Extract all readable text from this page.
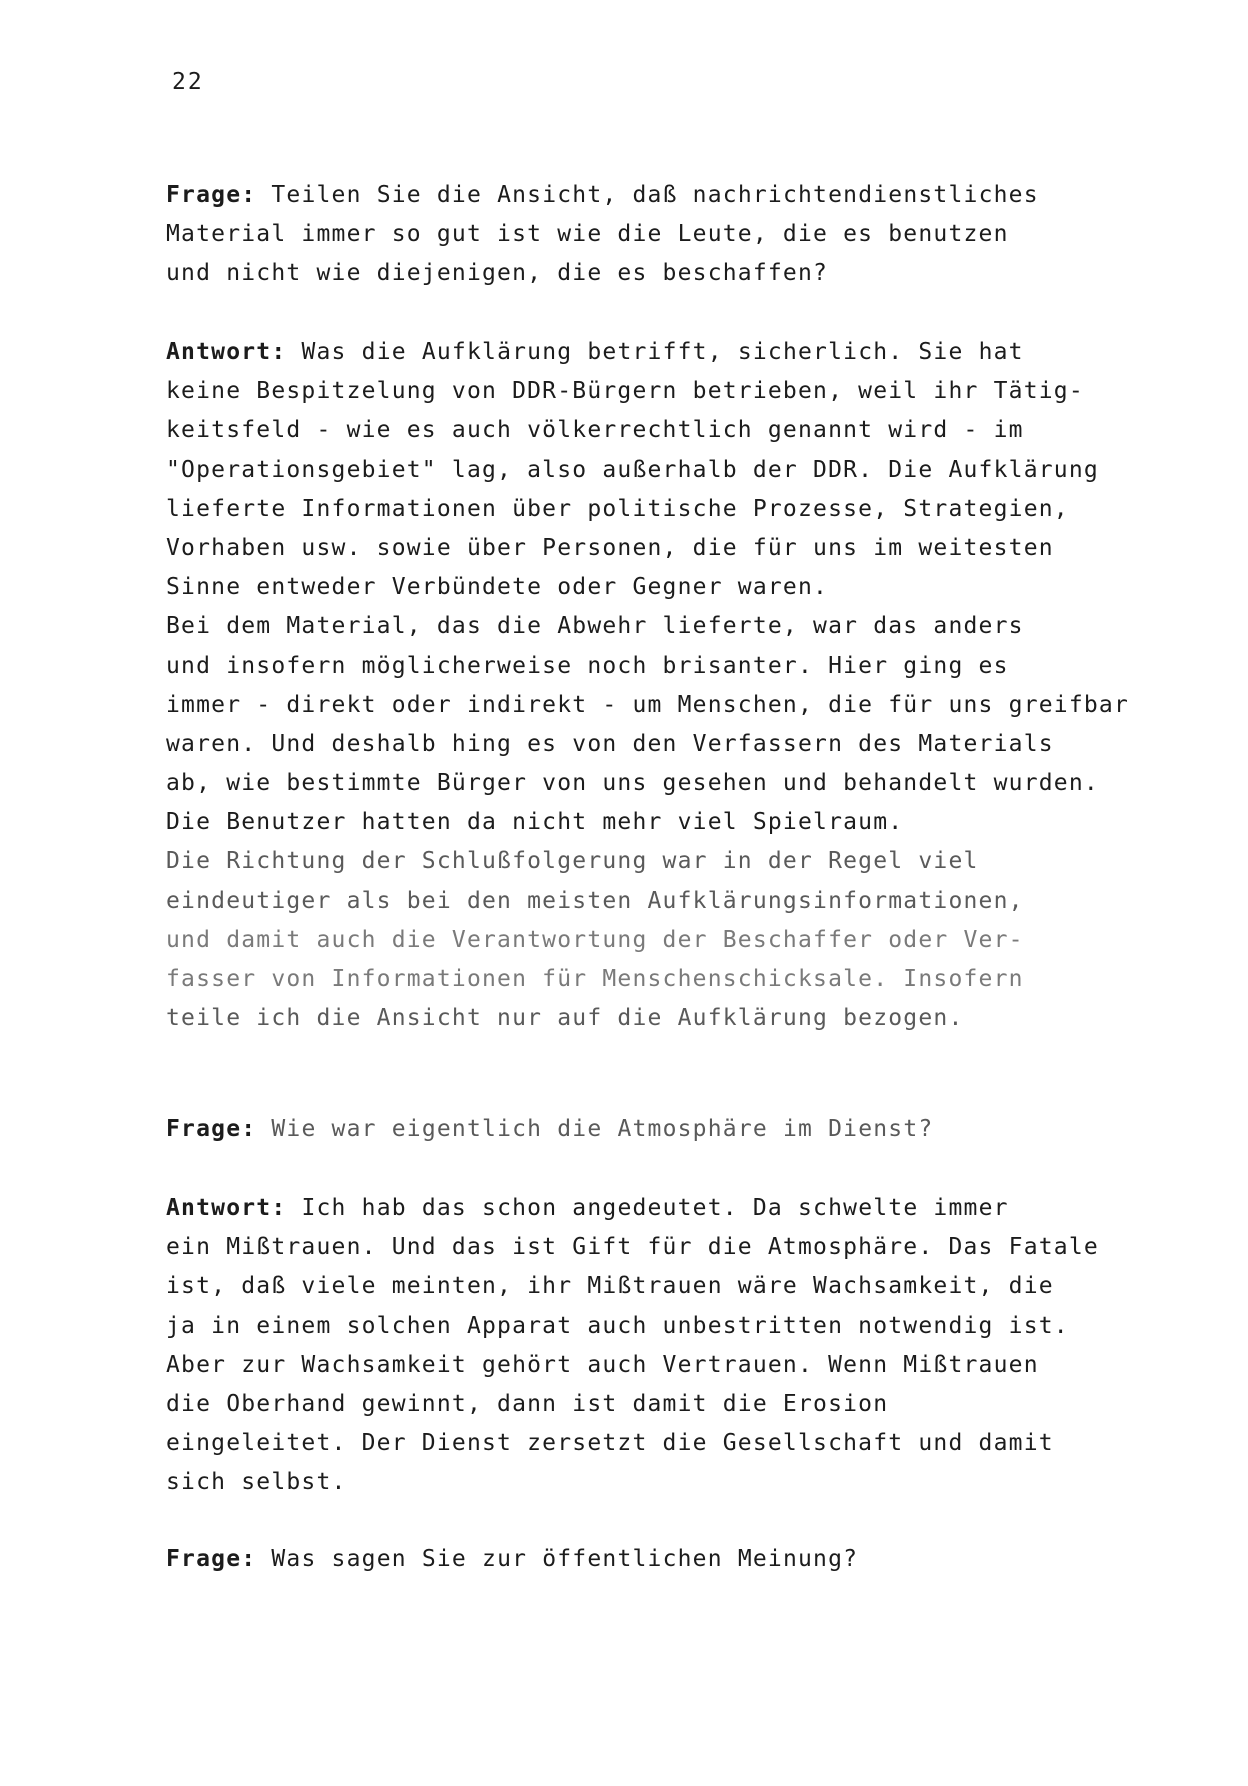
22
Frage: Teilen Sie die Ansicht, daß nachrichtendienstliches
Material immer so gut ist wie die Leute, die es benutzen
und nicht wie diejenigen, die es beschaffen?
Antwort: Was die Aufklärung betrifft, sicherlich. Sie hat
keine Bespitzelung von DDR-Bürgern betrieben, weil ihr Tätig-
keitsfeld - wie es auch völkerrechtlich genannt wird - im
"Operationsgebiet" lag, also außerhalb der DDR. Die Aufklärung
lieferte Informationen über politische Prozesse, Strategien,
Vorhaben usw. sowie über Personen, die für uns im weitesten
Sinne entweder Verbündete oder Gegner waren.
Bei dem Material, das die Abwehr lieferte, war das anders
und insofern möglicherweise noch brisanter. Hier ging es
immer - direkt oder indirekt - um Menschen, die für uns greifbar
waren. Und deshalb hing es von den Verfassern des Materials
ab, wie bestimmte Bürger von uns gesehen und behandelt wurden.
Die Benutzer hatten da nicht mehr viel Spielraum.
Die Richtung der Schlußfolgerung war in der Regel viel
eindeutiger als bei den meisten Aufklärungsinformationen,
und damit auch die Verantwortung der Beschaffer oder Ver-
fasser von Informationen für Menschenschicksale. Insofern
teile ich die Ansicht nur auf die Aufklärung bezogen.
Frage: Wie war eigentlich die Atmosphäre im Dienst?
Antwort: Ich hab das schon angedeutet. Da schwelte immer
ein Mißtrauen. Und das ist Gift für die Atmosphäre. Das Fatale
ist, daß viele meinten, ihr Mißtrauen wäre Wachsamkeit, die
ja in einem solchen Apparat auch unbestritten notwendig ist.
Aber zur Wachsamkeit gehört auch Vertrauen. Wenn Mißtrauen
die Oberhand gewinnt, dann ist damit die Erosion
eingeleitet. Der Dienst zersetzt die Gesellschaft und damit
sich selbst.
Frage: Was sagen Sie zur öffentlichen Meinung?
